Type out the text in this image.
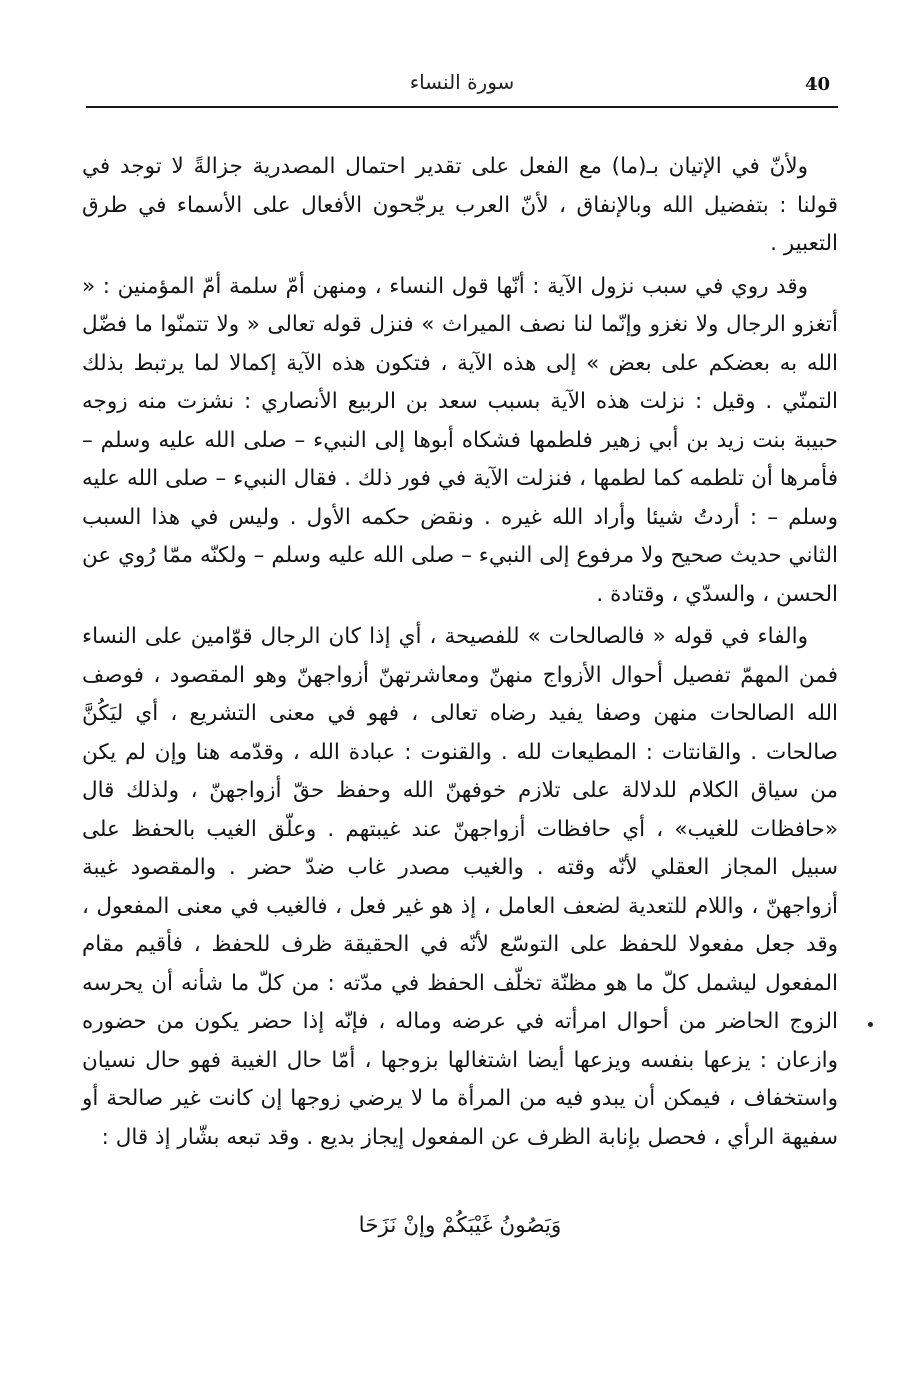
40
سورة النساء

ولأنّ في الإتيان بـ(ما) مع الفعل على تقدير احتمال المصدرية جزالةً لا توجد في قولنا : بتفضيل الله وبالإنفاق ، لأنّ العرب يرجّحون الأفعال على الأسماء في طرق التعبير .

وقد روي في سبب نزول الآية : أنّها قول النساء ، ومنهن أمّ سلمة أمّ المؤمنين : « أتغزو الرجال ولا نغزو وإنّما لنا نصف الميراث » فنزل قوله تعالى « ولا تتمنّوا ما فضّل الله به بعضكم على بعض » إلى هذه الآية ، فتكون هذه الآية إكمالا لما يرتبط بذلك التمنّي . وقيل : نزلت هذه الآية بسبب سعد بن الربيع الأنصاري : نشزت منه زوجه حبيبة بنت زيد بن أبي زهير فلطمها فشكاه أبوها إلى النبيء – صلى الله عليه وسلم – فأمرها أن تلطمه كما لطمها ، فنزلت الآية في فور ذلك . فقال النبيء – صلى الله عليه وسلم – : أردتُ شيئا وأراد الله غيره . ونقض حكمه الأول . وليس في هذا السبب الثاني حديث صحيح ولا مرفوع إلى النبيء – صلى الله عليه وسلم – ولكنّه ممّا رُوي عن الحسن ، والسدّي ، وقتادة .

والفاء في قوله « فالصالحات » للفصيحة ، أي إذا كان الرجال قوّامين على النساء فمن المهمّ تفصيل أحوال الأزواج منهنّ ومعاشرتهنّ أزواجهنّ وهو المقصود ، فوصف الله الصالحات منهن وصفا يفيد رضاه تعالى ، فهو في معنى التشريع ، أي ليَكُنَّ صالحات . والقانتات : المطيعات لله . والقنوت : عبادة الله ، وقدّمه هنا وإن لم يكن من سياق الكلام للدلالة على تلازم خوفهنّ الله وحفظ حقّ أزواجهنّ ، ولذلك قال «حافظات للغيب» ، أي حافظات أزواجهنّ عند غيبتهم . وعلّق الغيب بالحفظ على سبيل المجاز العقلي لأنّه وقته . والغيب مصدر غاب ضدّ حضر . والمقصود غيبة أزواجهنّ ، واللام للتعدية لضعف العامل ، إذ هو غير فعل ، فالغيب في معنى المفعول ، وقد جعل مفعولا للحفظ على التوسّع لأنّه في الحقيقة ظرف للحفظ ، فأقيم مقام المفعول ليشمل كلّ ما هو مظنّة تخلّف الحفظ في مدّته : من كلّ ما شأنه أن يحرسه الزوج الحاضر من أحوال امرأته في عرضه وماله ، فإنّه إذا حضر يكون من حضوره وازعان : يزعها بنفسه ويزعها أيضا اشتغالها بزوجها ، أمّا حال الغيبة فهو حال نسيان واستخفاف ، فيمكن أن يبدو فيه من المرأة ما لا يرضي زوجها إن كانت غير صالحة أو سفيهة الرأي ، فحصل بإنابة الظرف عن المفعول إيجاز بديع . وقد تبعه بشّار إذ قال :

وَيَصُونُ غَيْبَكُمْ وإنْ نَزَحَا
